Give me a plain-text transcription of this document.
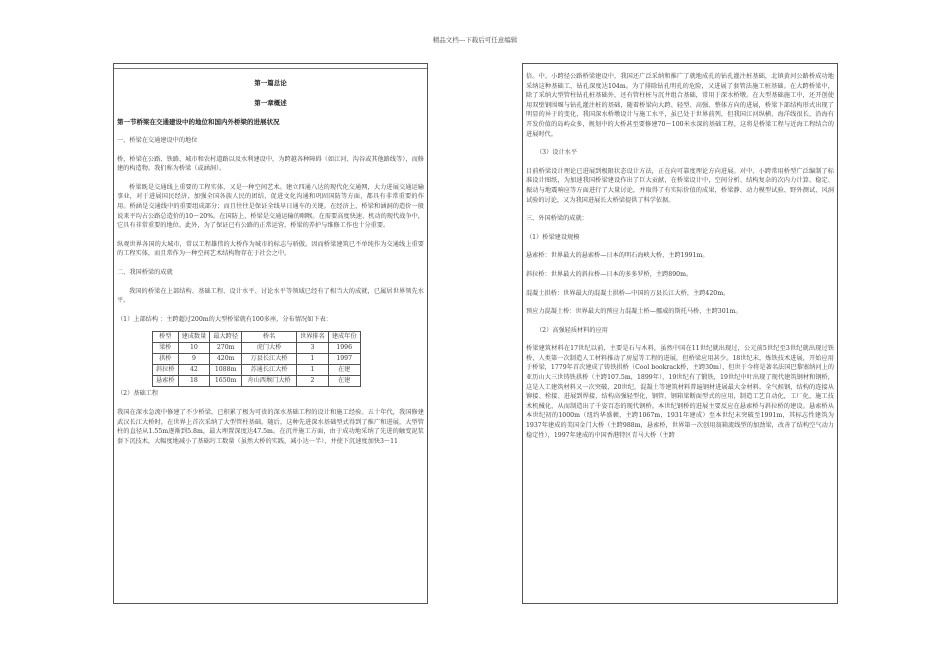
精品文档---下载后可任意编辑
第一篇总论
第一章概述
第一节桥梁在交通建设中的地位和国内外桥梁的进展状况

一、桥梁在交通建设中的地位

桥，桥梁在公路、铁路、城市和农村道路以及水利建设中，为跨越各种障碍（如江河、沟谷或其他路线等），而修建的构造物。我们称为桥梁（或涵洞）。

桥梁既是交通线上重要的工程实体，又是一种空间艺术。建立四通八达的现代化交通网，大力进展交通运输事业，对于进展国民经济，加强全国各族人民的团结，促进文化沟通和巩固国防等方面，都具有非常重要的作用。桥涵是交通线中的重要组成部分；而且往往是保证全线早日通车的关键。在经济上，桥梁和涵洞的造价一般说来平均占公路总造价的10～20%。在国防上，桥梁是交通运输的咽喉。在需要高度快速、机动的现代战争中，它具有非常重要的地位。此外，为了保证已有公路的正常运营，桥梁的养护与维修工作也十分重要。

纵观世界各国的大城市，常以工程雄伟的大桥作为城市的标志与骄傲。因而桥梁建筑已不单纯作为交通线上重要的工程实体，而且常作为一种空间艺术结构物存在于社会之中。

二、我国桥梁的成就

我国的桥梁在上部结构、基础工程、设计水平、讨论水平等领域已经有了相当大的成就，已属居世界领先水平。

（1）上部结构 ：主跨超过200m的大型桥梁就有100多座，分布情况如下表：

桥型	建成数量	最大跨径	桥名	世界排名	建成年份
梁桥	10	270m	虎门大桥	3	1996
拱桥	9	420m	万县长江大桥	1	1997
斜拉桥	42	1088m	苏通长江大桥	1	在建
悬索桥	18	1650m	舟山西堠门大桥	2	在建

（2）基础工程

我国在深水急流中修建了不少桥梁，已积累了极为可贵的深水基础工程的设计和施工经验。五十年代，我国修建武汉长江大桥时，在世界上首次采纳了大型管柱基础。随后，这种先进深水基础型式得到了推广和进展，大型管柱的直径从1.55m逐渐到5.8m，最大埋置深度达47.5m。在沉井施工方面，由于成功地采纳了先进的触变泥浆套下沉技术，大幅度地减小了基础圬工数量（虽然大桥的实践，减小达一半），并使下沉速度加快3～11

倍。中、小跨径公路桥梁建设中，我国还广泛采纳和推广了就地成孔的钻孔灌注桩基础，北镇黄河公路桥成功地采纳这种基础工，钻孔深度达104m。为了排除钻孔明孔的危险，又进展了套管法施工桩基础。在大跨桥梁中，除了采纳大型管柱钻孔桩基础外，还有管柱桩与沉井组合基础，常用于深水桥墩。在大型基础施工中，还开创使用双壁钢围堰与钻孔灌注桩的基础，随着桥梁向大跨、轻型、高强、整体方向的进展，桥梁下部结构形式出现了明显的异于的变化，我国深水桥墩设计与施工水平，虽已处于世界前列，但我国江河纵横、海洋线很长，沿海有开发价值的岛屿众多，规划中的大桥甚至要修建70～100米水深的基础工程，这将是桥梁工程与近海工程结合的进展时代。

（3）设计水平

目前桥梁设计理论已进展到极限状态设计方法，正在向可靠度理论方向进展。对中、小跨常用桥型广泛编制了标准设计图纸，为加速我国桥梁建设作出了巨大贡献，在桥梁设计中，空间分析、结构复杂的次内力计算、稳定、振动与地震响应等方面进行了大量讨论，并取得了有实际价值的成果，桥梁静、动力模型试验、野外测试、风洞试验的讨论，又为我国进展长大桥梁提供了科学依据。

三、外国桥梁的成就：

（1）桥梁建设规模

悬索桥：世界最大的悬索桥—日本的明石海峡大桥，主跨1991m。

斜拉桥：世界最大的斜拉桥—日本的多多罗桥，主跨890m。

混凝土拱桥：世界最大的混凝土拱桥—中国的万县长江大桥，主跨420m。

预应力混凝土桥：世界最大的预应力混凝土桥—挪威的斯托马桥，主跨301m。

（2）高强轻质材料的应用

桥梁建筑材料在17世纪以前，主要是石与木料，虽然中国在11世纪就出现过，公元前5世纪至3世纪就出现过铁桥，人类第一次制造人工材料推动了房屋等工程的进展，但桥梁应用甚少。18世纪末，炼铁技术进展，开始应用于桥梁，1779年首次建成了铸铁拱桥（Cool bookrack桥，主跨30m），但世于今将是著名法国巴黎塞纳河上的亚历山大三世铸铁拱桥（主跨107.5m，1899年），19世纪有了锻铁，19世纪中叶出现了现代建筑钢材和钢桥，这是人工建筑材料又一次突破，20世纪，混凝土等建筑材料普遍钢材进展最大金材料，全气候钢，结构的连接从铆接、栓接、进展到焊接，结构高强轻型化，钢管、钢箱梁断面型式的应用，制造工艺自动化，工厂化，施工技术机械化，从而制造出了千姿百态的现代钢桥。本世纪钢桥的进展主要反应在悬索桥与斜拉桥的建设。悬索桥从本世纪初的1000m（纽约华盛顿，主跨1067m，1931年建成）至本世纪末突破至1991m，其标志性建筑为1937年建成的美国金门大桥（主跨988m，悬索桥，世界第一次创用翁箱流线型的加劲梁，改善了结构空气动力稳定性），1997年建成的中国香港特区青马大桥（主跨
